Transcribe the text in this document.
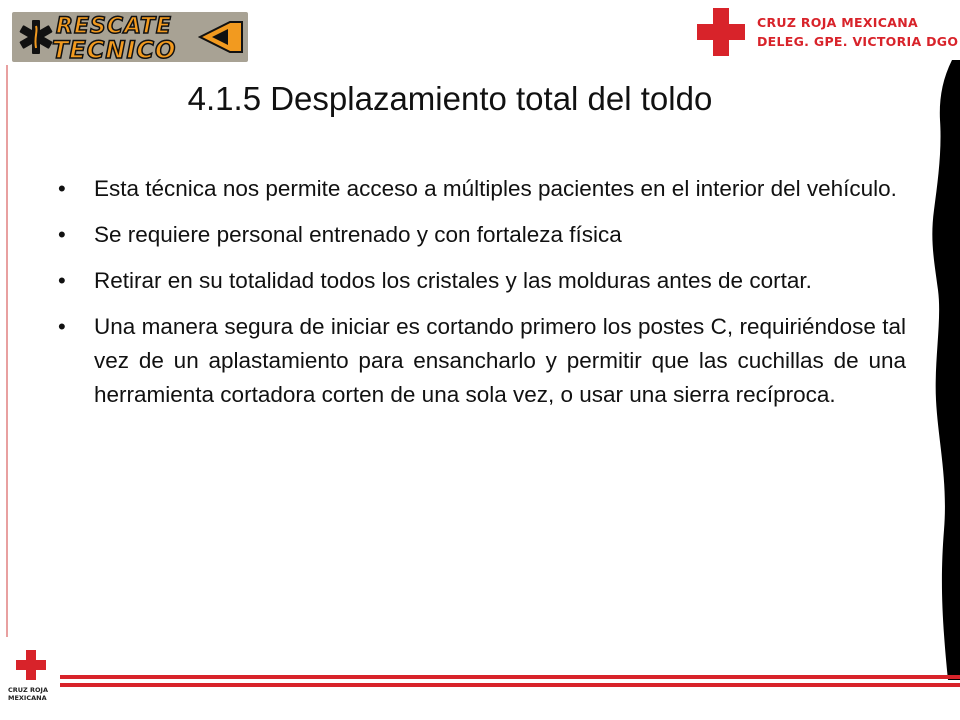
RESCATE
TECNICO
CRUZ ROJA MEXICANA
DELEG. GPE. VICTORIA DGO
4.1.5 Desplazamiento total del toldo
• Esta técnica nos permite acceso a múltiples pacientes en el interior del vehículo.
• Se requiere personal entrenado y con fortaleza física
• Retirar en su totalidad todos los cristales y las molduras antes de cortar.
• Una manera segura de iniciar es cortando primero los postes C, requiriéndose tal vez de un aplastamiento para ensancharlo y permitir que las cuchillas de una herramienta cortadora corten de una sola vez, o usar una sierra recíproca.
CRUZ ROJA
MEXICANA
